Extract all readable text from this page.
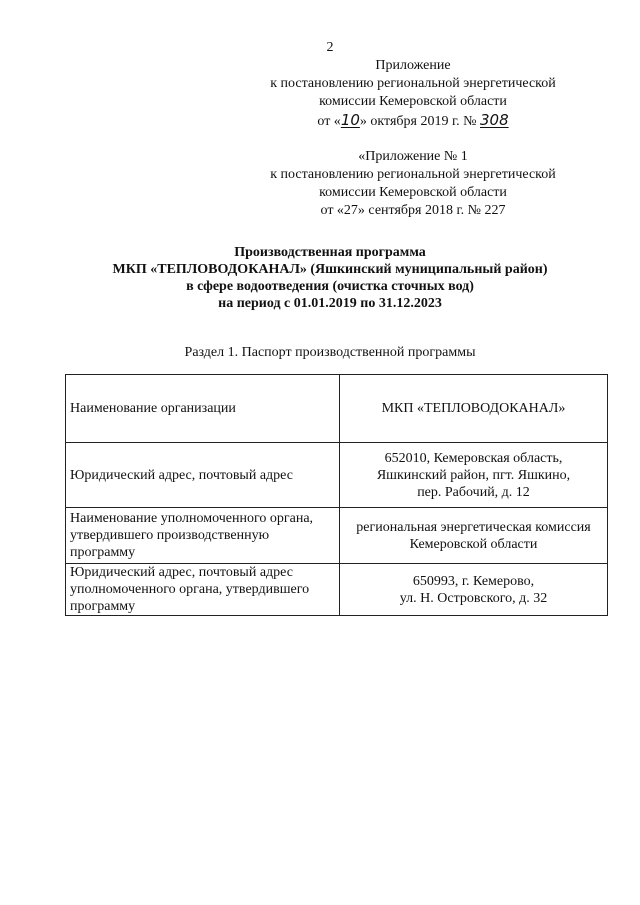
2
Приложение
к постановлению региональной энергетической
комиссии Кемеровской области
от «10» октября 2019 г. № 308
«Приложение № 1
к постановлению региональной энергетической
комиссии Кемеровской области
от «27» сентября 2018 г. № 227
Производственная программа
МКП «ТЕПЛОВОДОКАНАЛ» (Яшкинский муниципальный район)
в сфере водоотведения (очистка сточных вод)
на период с 01.01.2019 по 31.12.2023
Раздел 1. Паспорт производственной программы
Наименование организации	МКП «ТЕПЛОВОДОКАНАЛ»

Юридический адрес, почтовый адрес	652010, Кемеровская область,
Яшкинский район, пгт. Яшкино,
пер. Рабочий, д. 12

Наименование уполномоченного органа, утвердившего производственную программу	региональная энергетическая комиссия
Кемеровской области

Юридический адрес, почтовый адрес уполномоченного органа, утвердившего программу	650993, г. Кемерово,
ул. Н. Островского, д. 32
